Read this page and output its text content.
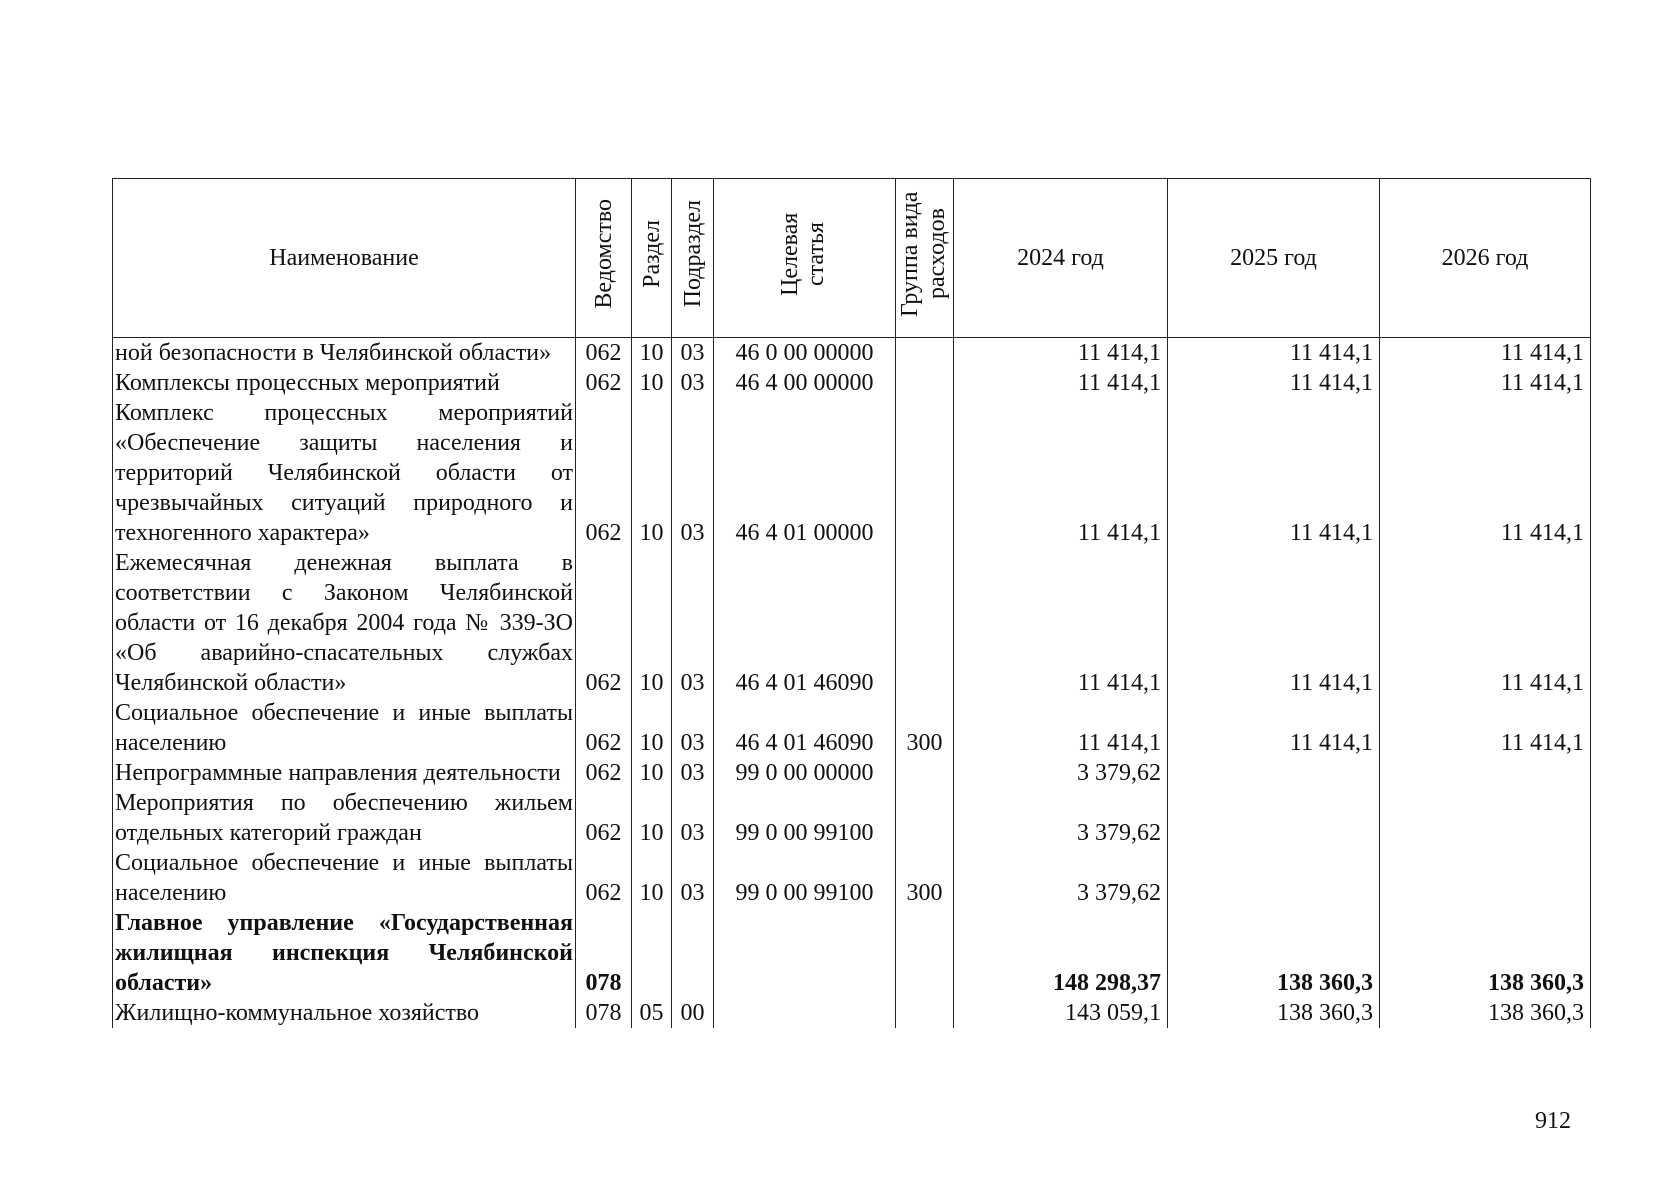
Наименование	Ведомство	Раздел	Подраздел	Целевая статья	Группа вида расходов	2024 год	2025 год	2026 год
ной безопасности в Челябинской области»	062	10	03	46 0 00 00000		11 414,1	11 414,1	11 414,1
Комплексы процессных мероприятий	062	10	03	46 4 00 00000		11 414,1	11 414,1	11 414,1
Комплекс процессных мероприятий «Обеспечение защиты населения и территорий Челябинской области от чрезвычайных ситуаций природного и техногенного характера»	062	10	03	46 4 01 00000		11 414,1	11 414,1	11 414,1
Ежемесячная денежная выплата в соответствии с Законом Челябинской области от 16 декабря 2004 года № 339-ЗО «Об аварийно-спасательных службах Челябинской области»	062	10	03	46 4 01 46090		11 414,1	11 414,1	11 414,1
Социальное обеспечение и иные выплаты населению	062	10	03	46 4 01 46090	300	11 414,1	11 414,1	11 414,1
Непрограммные направления деятельности	062	10	03	99 0 00 00000		3 379,62		
Мероприятия по обеспечению жильем отдельных категорий граждан	062	10	03	99 0 00 99100		3 379,62		
Социальное обеспечение и иные выплаты населению	062	10	03	99 0 00 99100	300	3 379,62		
Главное управление «Государственная жилищная инспекция Челябинской области»	078					148 298,37	138 360,3	138 360,3
Жилищно-коммунальное хозяйство	078	05	00			143 059,1	138 360,3	138 360,3
912
